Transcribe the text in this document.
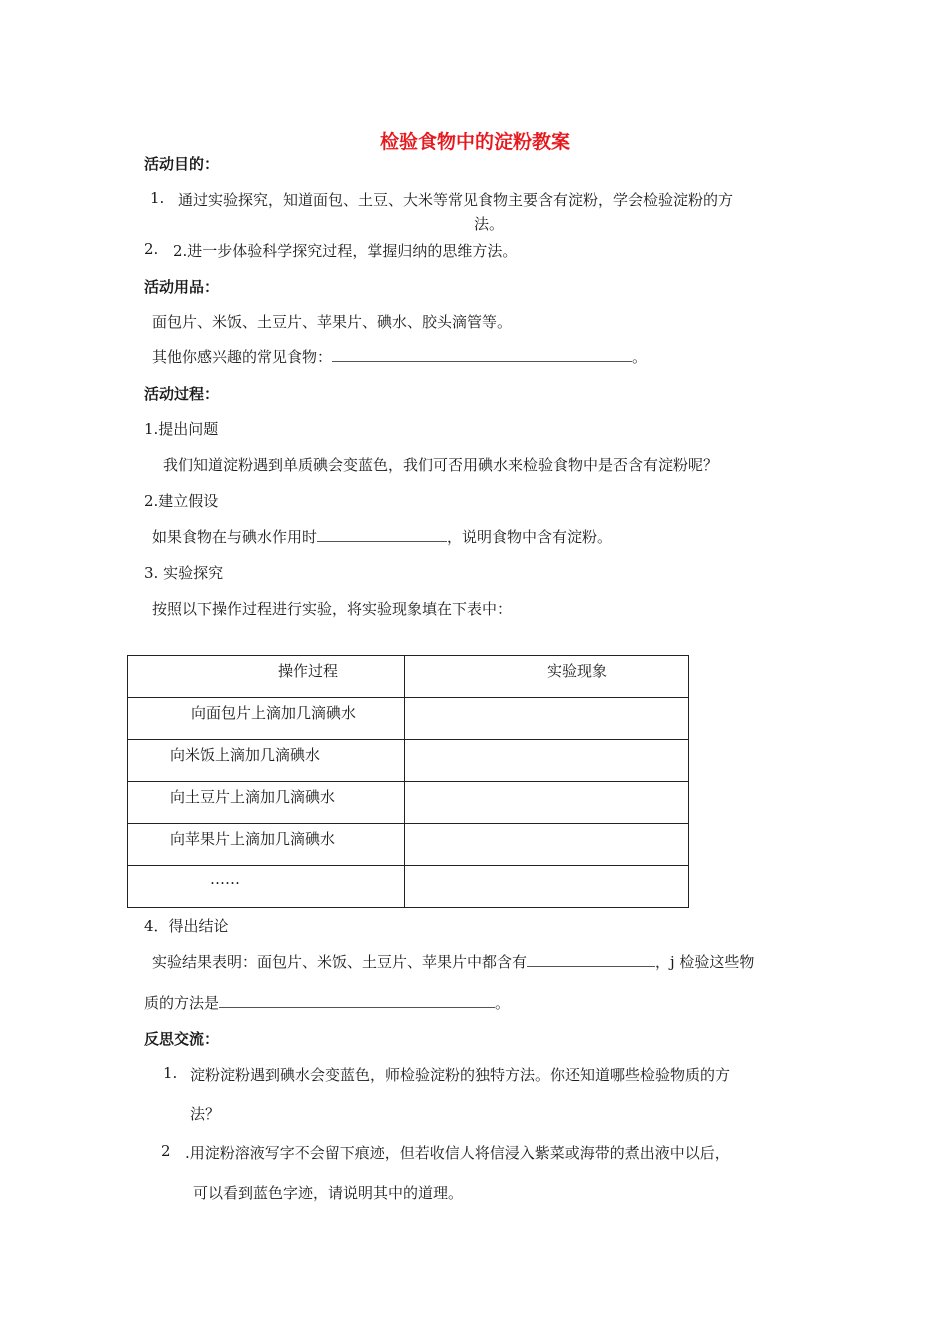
检验食物中的淀粉教案
活动目的：
1. 通过实验探究，知道面包、土豆、大米等常见食物主要含有淀粉，学会检验淀粉的方
法。
2. 2.进一步体验科学探究过程，掌握归纳的思维方法。
活动用品：
面包片、米饭、土豆片、苹果片、碘水、胶头滴管等。
其他你感兴趣的常见食物：	。
活动过程：
1.提出问题
我们知道淀粉遇到单质碘会变蓝色，我们可否用碘水来检验食物中是否含有淀粉呢？
2.建立假设
如果食物在与碘水作用时	，说明食物中含有淀粉。
3. 实验探究
按照以下操作过程进行实验，将实验现象填在下表中：
操作过程	实验现象
向面包片上滴加几滴碘水	
向米饭上滴加几滴碘水	
向土豆片上滴加几滴碘水	
向苹果片上滴加几滴碘水	
……	
4．得出结论
实验结果表明：面包片、米饭、土豆片、苹果片中都含有	，j 检验这些物
质的方法是	。
反思交流：
1. 淀粉淀粉遇到碘水会变蓝色，师检验淀粉的独特方法。你还知道哪些检验物质的方
法？
2 .用淀粉溶液写字不会留下痕迹，但若收信人将信浸入紫菜或海带的煮出液中以后，
可以看到蓝色字迹，请说明其中的道理。
